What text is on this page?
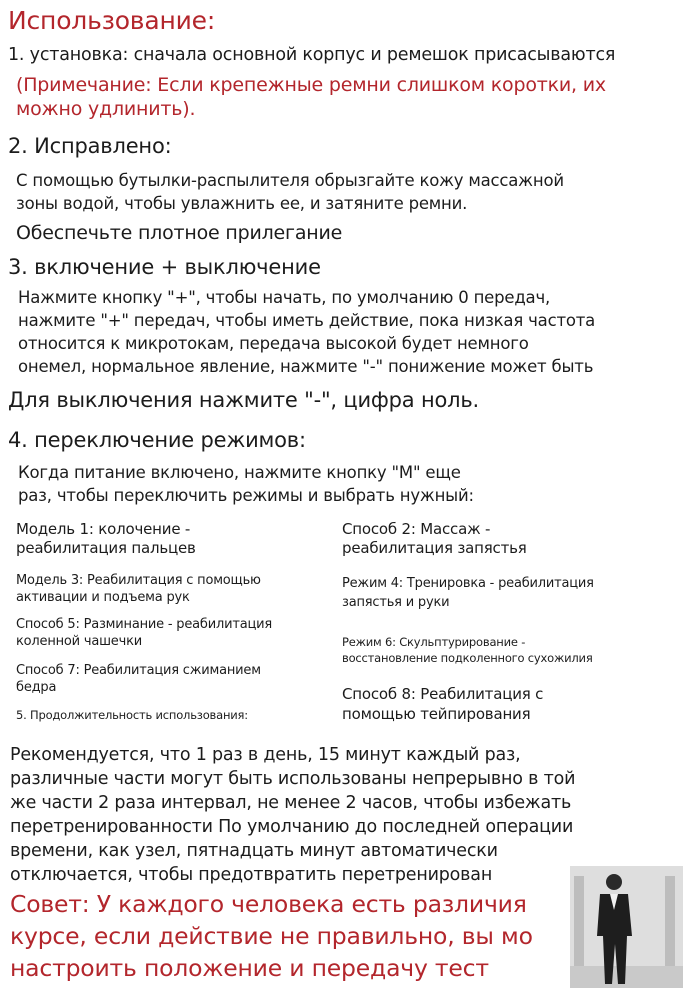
Использование:

1. установка: сначала основной корпус и ремешок присасываются

(Примечание: Если крепежные ремни слишком коротки, их

можно удлинить).

2. Исправлено:

С помощью бутылки-распылителя обрызгайте кожу массажной

зоны водой, чтобы увлажнить ее, и затяните ремни.

Обеспечьте плотное прилегание

3. включение + выключение

Нажмите кнопку "+", чтобы начать, по умолчанию 0 передач,

нажмите "+" передач, чтобы иметь действие, пока низкая частота

относится к микротокам, передача высокой будет немного

онемел, нормальное явление, нажмите "-" понижение может быть

Для выключения нажмите "-", цифра ноль.

4. переключение режимов:

Когда питание включено, нажмите кнопку "M" еще

раз, чтобы переключить режимы и выбрать нужный:

Модель 1: колочение -

реабилитация пальцев

Способ 2: Массаж -

реабилитация запястья

Модель 3: Реабилитация с помощью

активации и подъема рук

Режим 4: Тренировка - реабилитация

запястья и руки

Способ 5: Разминание - реабилитация

коленной чашечки	Режим 6: Скульптурирование -

восстановление подколенного сухожилия

Способ 7: Реабилитация сжиманием

бедра	Способ 8: Реабилитация с

помощью тейпирования

5. Продолжительность использования:

Рекомендуется, что 1 раз в день, 15 минут каждый раз,

различные части могут быть использованы непрерывно в той

же части 2 раза интервал, не менее 2 часов, чтобы избежать

перетренированности По умолчанию до последней операции

времени, как узел, пятнадцать минут автоматически

отключается, чтобы предотвратить перетренирован

Совет: У каждого человека есть различия

курсе, если действие не правильно, вы мо

настроить положение и передачу тест
